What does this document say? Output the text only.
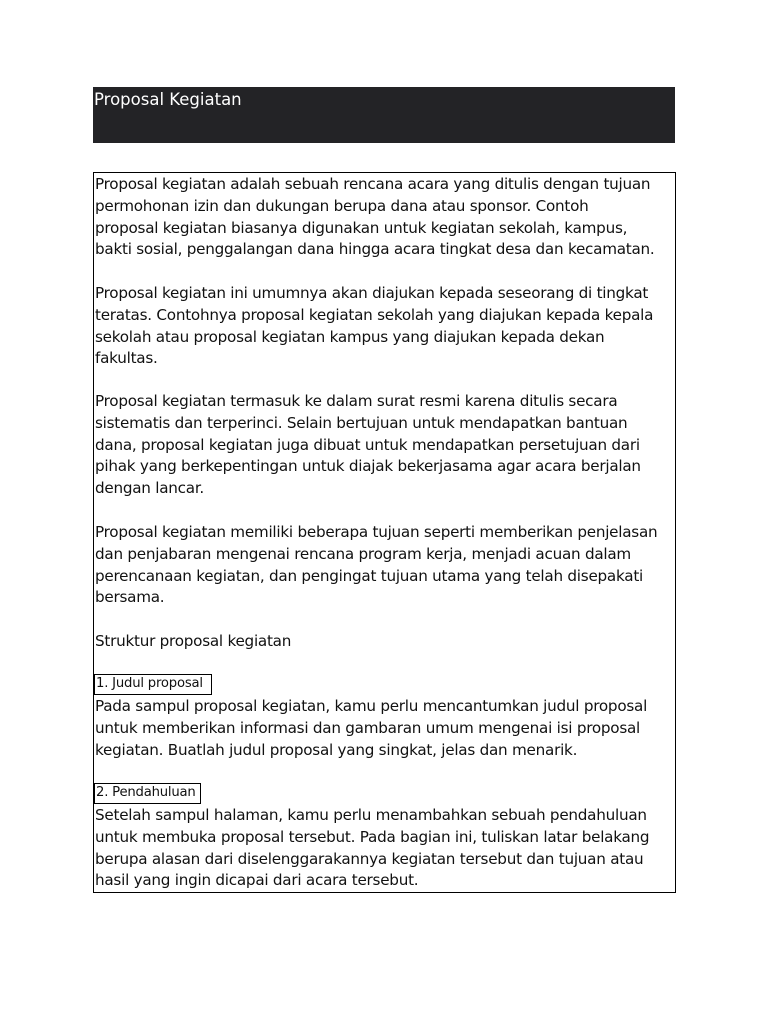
Proposal Kegiatan

Proposal kegiatan adalah sebuah rencana acara yang ditulis dengan tujuan
permohonan izin dan dukungan berupa dana atau sponsor. Contoh
proposal kegiatan biasanya digunakan untuk kegiatan sekolah, kampus,
bakti sosial, penggalangan dana hingga acara tingkat desa dan kecamatan.

Proposal kegiatan ini umumnya akan diajukan kepada seseorang di tingkat
teratas. Contohnya proposal kegiatan sekolah yang diajukan kepada kepala
sekolah atau proposal kegiatan kampus yang diajukan kepada dekan
fakultas.

Proposal kegiatan termasuk ke dalam surat resmi karena ditulis secara
sistematis dan terperinci. Selain bertujuan untuk mendapatkan bantuan
dana, proposal kegiatan juga dibuat untuk mendapatkan persetujuan dari
pihak yang berkepentingan untuk diajak bekerjasama agar acara berjalan
dengan lancar.

Proposal kegiatan memiliki beberapa tujuan seperti memberikan penjelasan
dan penjabaran mengenai rencana program kerja, menjadi acuan dalam
perencanaan kegiatan, dan pengingat tujuan utama yang telah disepakati
bersama.

Struktur proposal kegiatan

1. Judul proposal

Pada sampul proposal kegiatan, kamu perlu mencantumkan judul proposal
untuk memberikan informasi dan gambaran umum mengenai isi proposal
kegiatan. Buatlah judul proposal yang singkat, jelas dan menarik.

2. Pendahuluan

Setelah sampul halaman, kamu perlu menambahkan sebuah pendahuluan
untuk membuka proposal tersebut. Pada bagian ini, tuliskan latar belakang
berupa alasan dari diselenggarakannya kegiatan tersebut dan tujuan atau
hasil yang ingin dicapai dari acara tersebut.
